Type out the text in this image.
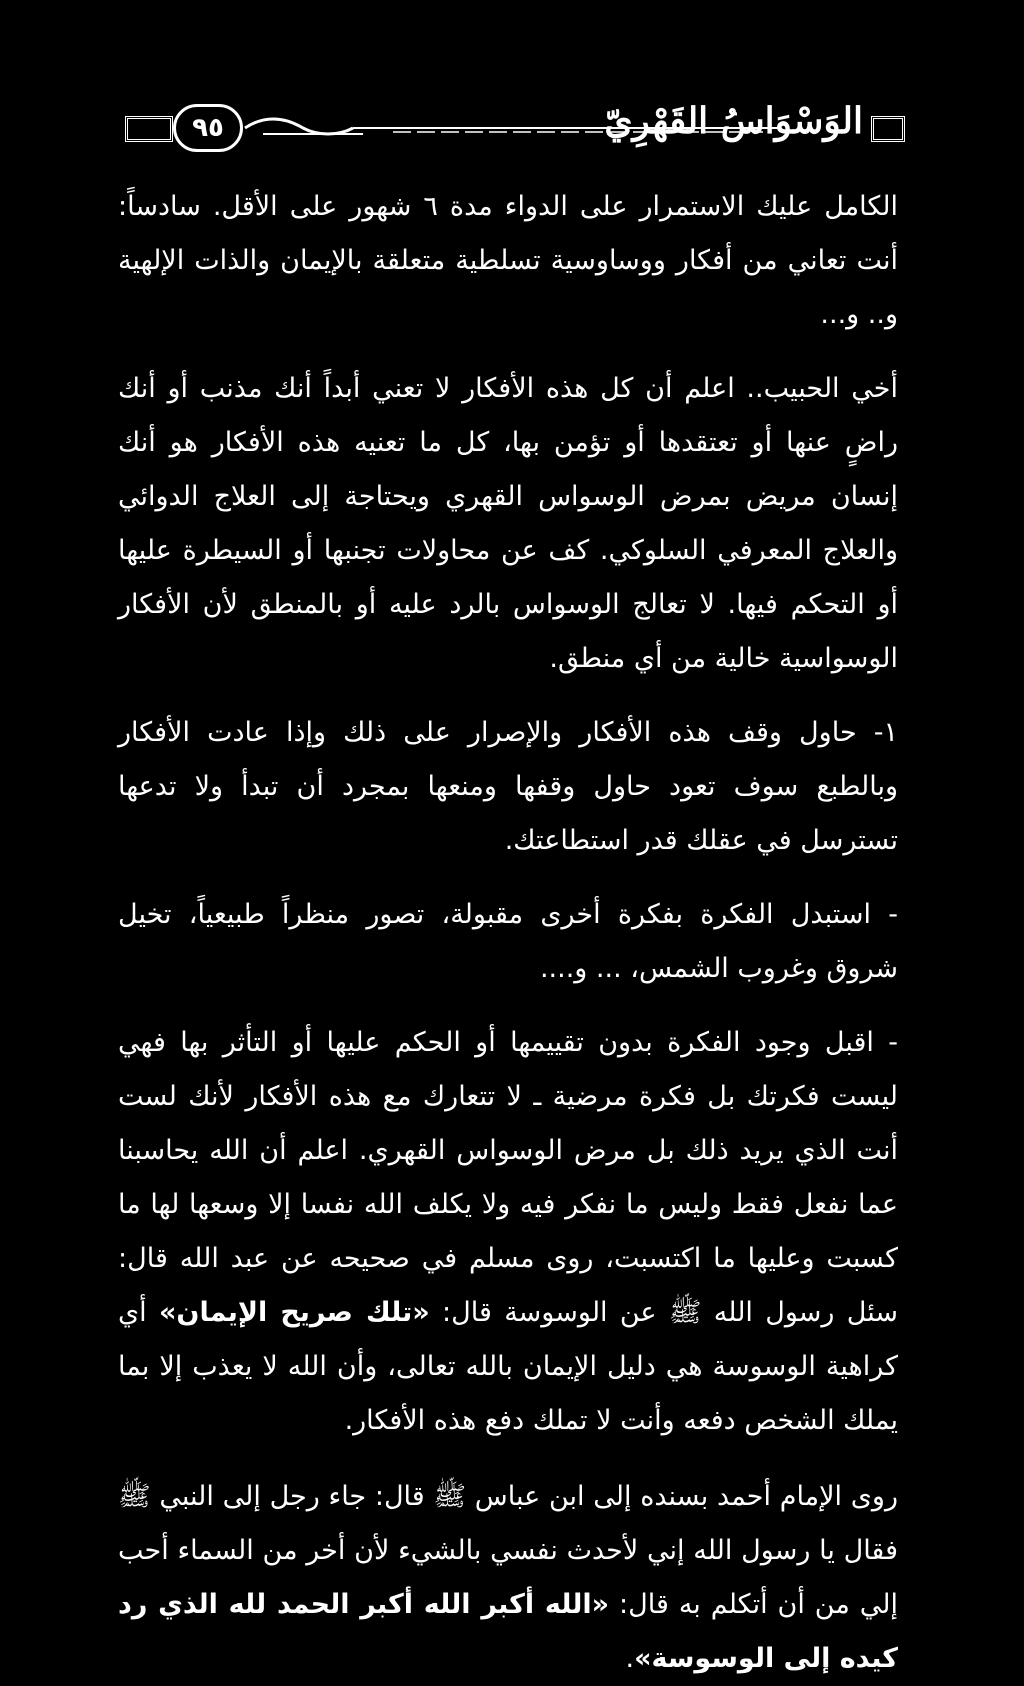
٩٥	الوَسْوَاسُ القَهْرِيّ

الكامل عليك الاستمرار على الدواء مدة ٦ شهور على الأقل. سادساً: أنت تعاني من أفكار ووساوسية تسلطية متعلقة بالإيمان والذات الإلهية و.. و...

أخي الحبيب.. اعلم أن كل هذه الأفكار لا تعني أبداً أنك مذنب أو أنك راضٍ عنها أو تعتقدها أو تؤمن بها، كل ما تعنيه هذه الأفكار هو أنك إنسان مريض بمرض الوسواس القهري ويحتاجة إلى العلاج الدوائي والعلاج المعرفي السلوكي. كف عن محاولات تجنبها أو السيطرة عليها أو التحكم فيها. لا تعالج الوسواس بالرد عليه أو بالمنطق لأن الأفكار الوسواسية خالية من أي منطق.

١- حاول وقف هذه الأفكار والإصرار على ذلك وإذا عادت الأفكار وبالطبع سوف تعود حاول وقفها ومنعها بمجرد أن تبدأ ولا تدعها تسترسل في عقلك قدر استطاعتك.

- استبدل الفكرة بفكرة أخرى مقبولة، تصور منظراً طبيعياً، تخيل شروق وغروب الشمس، ... و....

- اقبل وجود الفكرة بدون تقييمها أو الحكم عليها أو التأثر بها فهي ليست فكرتك بل فكرة مرضية ـ لا تتعارك مع هذه الأفكار لأنك لست أنت الذي يريد ذلك بل مرض الوسواس القهري. اعلم أن الله يحاسبنا عما نفعل فقط وليس ما نفكر فيه ولا يكلف الله نفسا إلا وسعها لها ما كسبت وعليها ما اكتسبت، روى مسلم في صحيحه عن عبد الله قال: سئل رسول الله ﷺ عن الوسوسة قال: «تلك صريح الإيمان» أي كراهية الوسوسة هي دليل الإيمان بالله تعالى، وأن الله لا يعذب إلا بما يملك الشخص دفعه وأنت لا تملك دفع هذه الأفكار.

روى الإمام أحمد بسنده إلى ابن عباس ﷺ قال: جاء رجل إلى النبي ﷺ فقال يا رسول الله إني لأحدث نفسي بالشيء لأن أخر من السماء أحب إلي من أن أتكلم به قال: «الله أكبر الله أكبر الحمد لله الذي رد كيده إلى الوسوسة».
